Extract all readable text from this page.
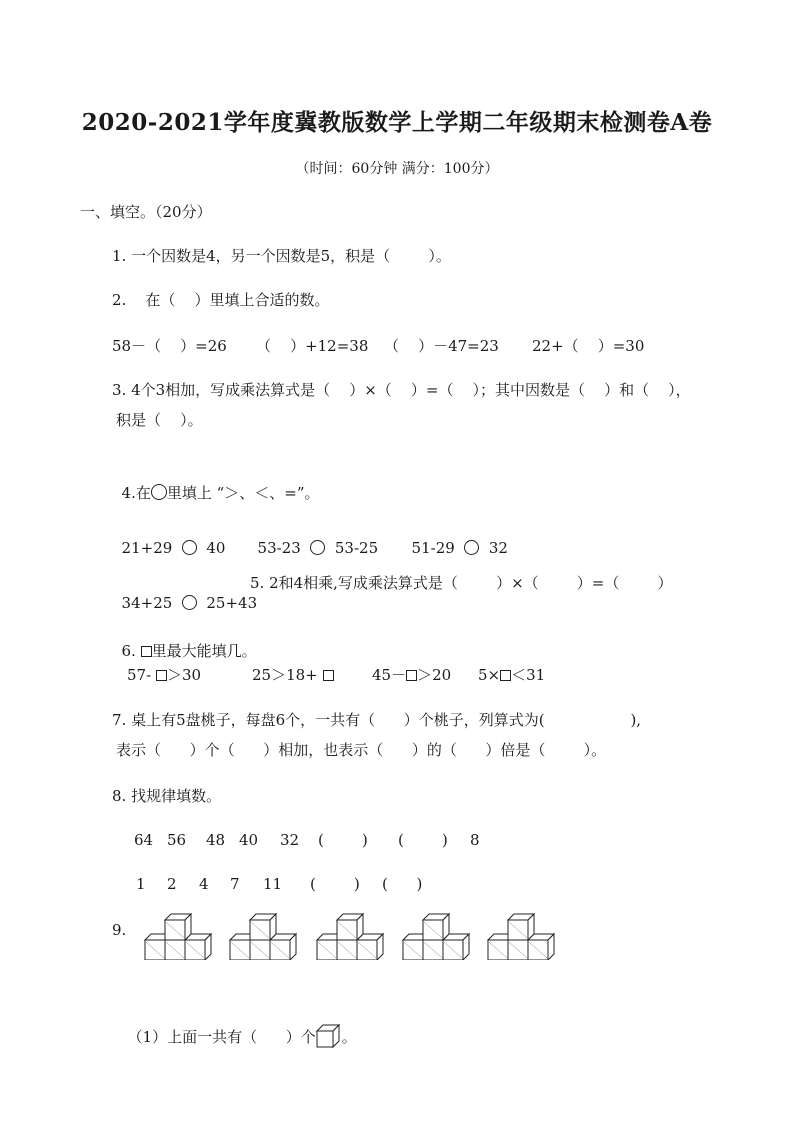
2020-2021学年度冀教版数学上学期二年级期末检测卷A卷
（时间：60分钟 满分：100分）
一、填空。（20分）
1. 一个因数是4，另一个因数是5，积是（        ）。
2.    在（    ）里填上合适的数。
58－（    ）=26 （    ）+12=38 （    ）－47=23 22+（    ）=30
3. 4个3相加，写成乘法算式是（    ）×（    ）=（    ）；其中因数是（    ）和（    ），
积是（    ）。

4.在 里填上 “＞、＜、=”。

21+29 40	53-23 53-25	51-29 32

34+25 25+43

5. 2和4相乘,写成乘法算式是（        ）×（        ）=（        ）

6. 里最大能填几。

57- ＞30	25＞18+	45－ ＞20 5× ＜31
7. 桌上有5盘桃子，每盘6个，一共有（      ）个桃子，列算式为(                  ),
表示（      ）个（      ）相加，也表示（      ）的（      ）倍是（        ）。
8. 找规律填数。
64 56 48 40 32 (        ) (        ) 8
1 2 4 7 11 (        ) (      )
9.

（1）上面一共有（      ）个 。
